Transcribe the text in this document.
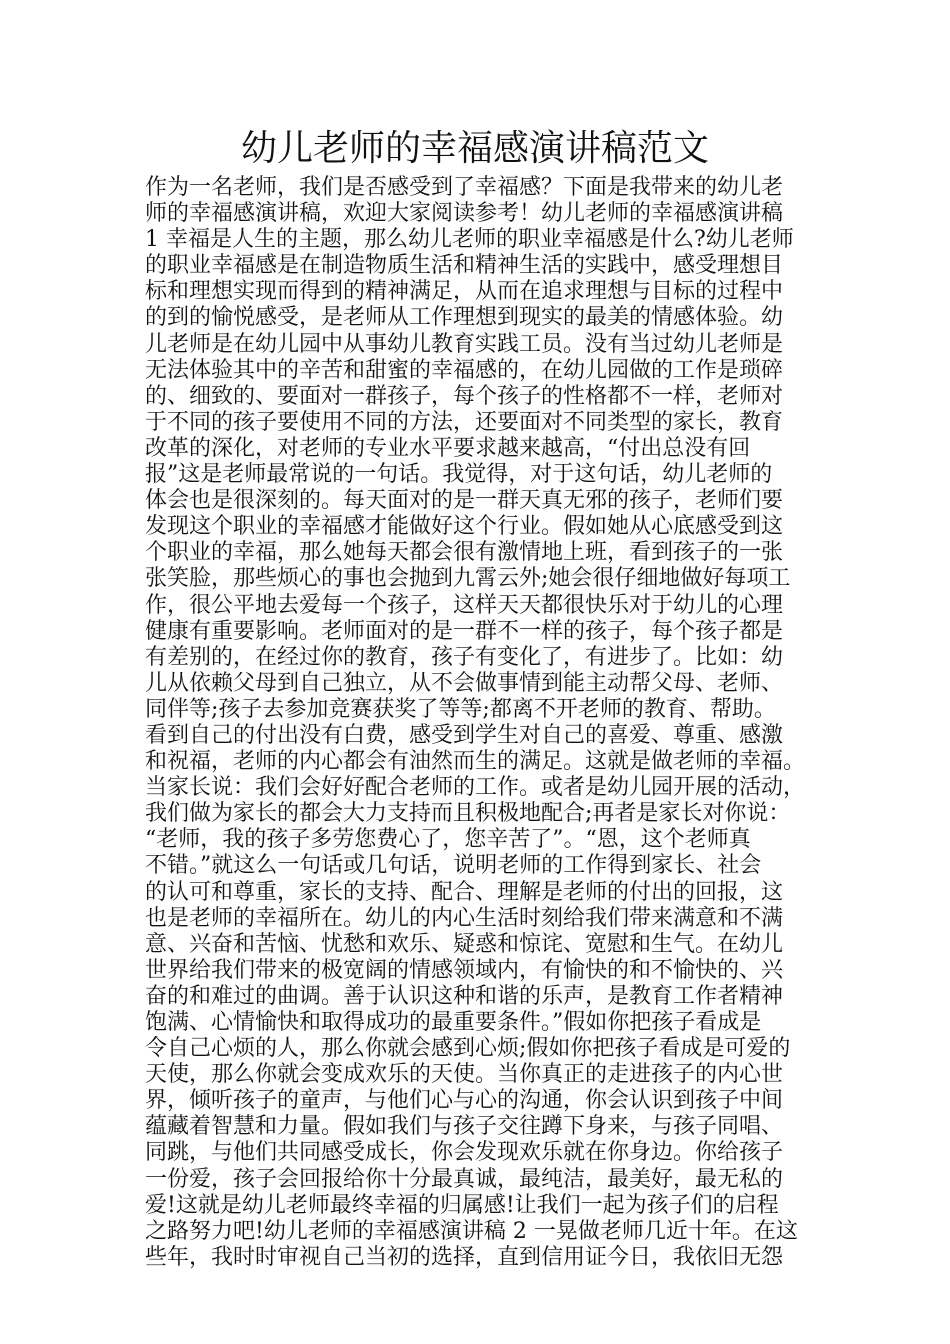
幼儿老师的幸福感演讲稿范文
作为一名老师，我们是否感受到了幸福感？下面是我带来的幼儿老
师的幸福感演讲稿，欢迎大家阅读参考！幼儿老师的幸福感演讲稿
1 幸福是人生的主题，那么幼儿老师的职业幸福感是什么?幼儿老师
的职业幸福感是在制造物质生活和精神生活的实践中，感受理想目
标和理想实现而得到的精神满足，从而在追求理想与目标的过程中
的到的愉悦感受，是老师从工作理想到现实的最美的情感体验。幼
儿老师是在幼儿园中从事幼儿教育实践工员。没有当过幼儿老师是
无法体验其中的辛苦和甜蜜的幸福感的，在幼儿园做的工作是琐碎
的、细致的、要面对一群孩子，每个孩子的性格都不一样，老师对
于不同的孩子要使用不同的方法，还要面对不同类型的家长，教育
改革的深化，对老师的专业水平要求越来越高，“付出总没有回
报”这是老师最常说的一句话。我觉得，对于这句话，幼儿老师的
体会也是很深刻的。每天面对的是一群天真无邪的孩子，老师们要
发现这个职业的幸福感才能做好这个行业。假如她从心底感受到这
个职业的幸福，那么她每天都会很有激情地上班，看到孩子的一张
张笑脸，那些烦心的事也会抛到九霄云外;她会很仔细地做好每项工
作，很公平地去爱每一个孩子，这样天天都很快乐对于幼儿的心理
健康有重要影响。老师面对的是一群不一样的孩子，每个孩子都是
有差别的，在经过你的教育，孩子有变化了，有进步了。比如：幼
儿从依赖父母到自己独立，从不会做事情到能主动帮父母、老师、
同伴等;孩子去参加竞赛获奖了等等;都离不开老师的教育、帮助。
看到自己的付出没有白费，感受到学生对自己的喜爱、尊重、感激
和祝福，老师的内心都会有油然而生的满足。这就是做老师的幸福。
当家长说：我们会好好配合老师的工作。或者是幼儿园开展的活动，
我们做为家长的都会大力支持而且积极地配合;再者是家长对你说：
“老师，我的孩子多劳您费心了，您辛苦了”。“恩，这个老师真
不错。”就这么一句话或几句话，说明老师的工作得到家长、社会
的认可和尊重，家长的支持、配合、理解是老师的付出的回报，这
也是老师的幸福所在。幼儿的内心生活时刻给我们带来满意和不满
意、兴奋和苦恼、忧愁和欢乐、疑惑和惊诧、宽慰和生气。在幼儿
世界给我们带来的极宽阔的情感领域内，有愉快的和不愉快的、兴
奋的和难过的曲调。善于认识这种和谐的乐声，是教育工作者精神
饱满、心情愉快和取得成功的最重要条件。”假如你把孩子看成是
令自己心烦的人，那么你就会感到心烦;假如你把孩子看成是可爱的
天使，那么你就会变成欢乐的天使。当你真正的走进孩子的内心世
界，倾听孩子的童声，与他们心与心的沟通，你会认识到孩子中间
蕴藏着智慧和力量。假如我们与孩子交往蹲下身来，与孩子同唱、
同跳，与他们共同感受成长，你会发现欢乐就在你身边。你给孩子
一份爱，孩子会回报给你十分最真诚，最纯洁，最美好，最无私的
爱!这就是幼儿老师最终幸福的归属感!让我们一起为孩子们的启程
之路努力吧!幼儿老师的幸福感演讲稿 2 一晃做老师几近十年。在这
些年，我时时审视自己当初的选择，直到信用证今日，我依旧无怨
